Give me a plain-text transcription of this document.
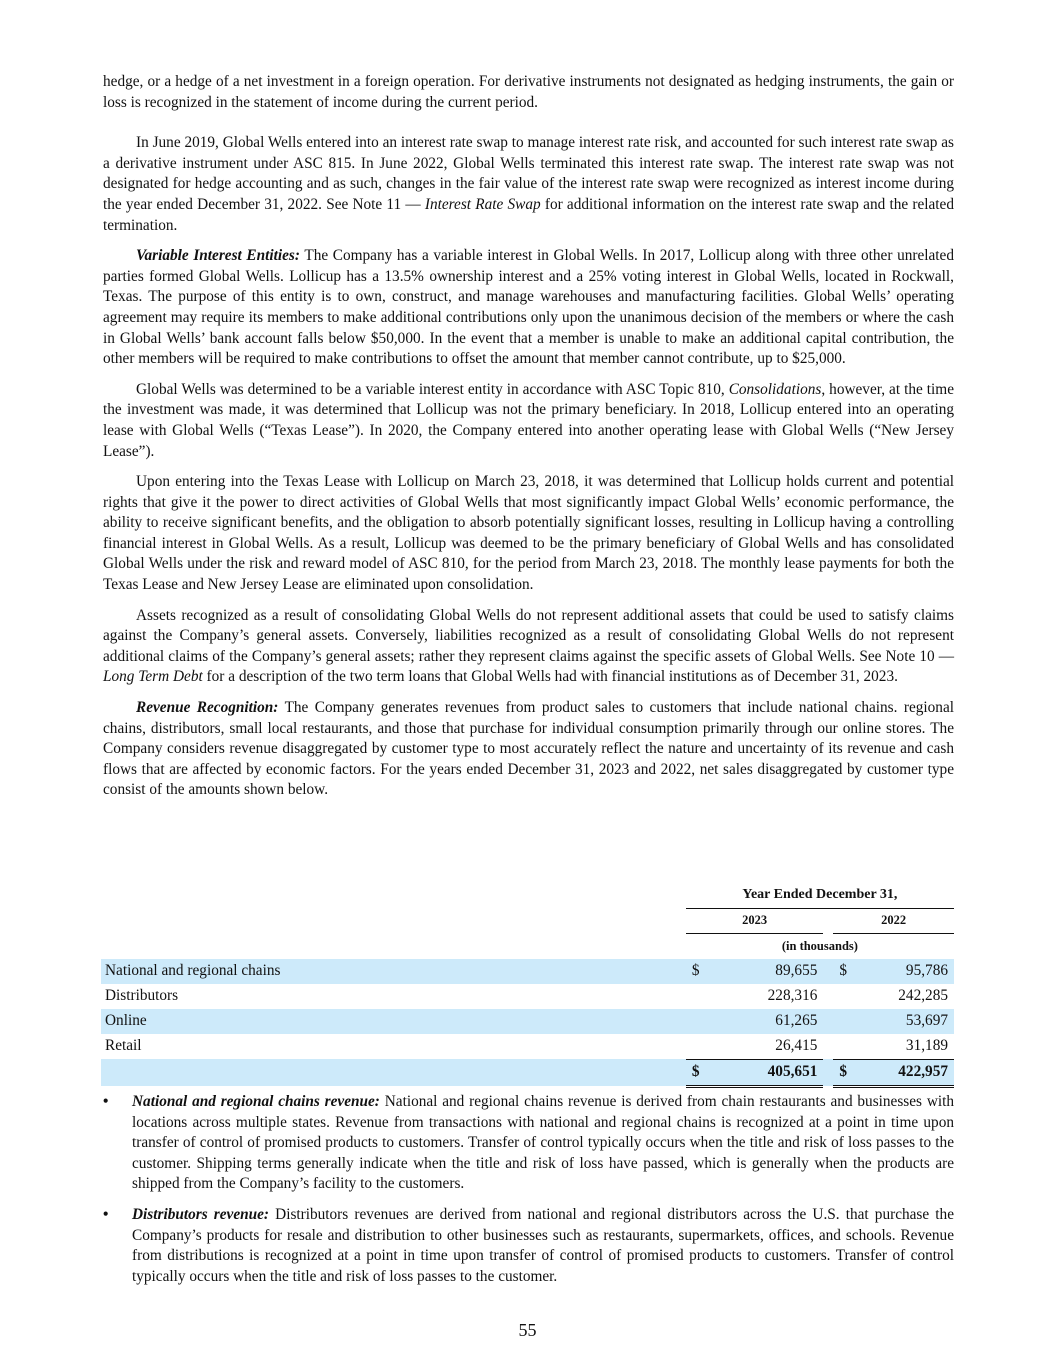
hedge, or a hedge of a net investment in a foreign operation. For derivative instruments not designated as hedging instruments, the gain or loss is recognized in the statement of income during the current period.

In June 2019, Global Wells entered into an interest rate swap to manage interest rate risk, and accounted for such interest rate swap as a derivative instrument under ASC 815. In June 2022, Global Wells terminated this interest rate swap. The interest rate swap was not designated for hedge accounting and as such, changes in the fair value of the interest rate swap were recognized as interest income during the year ended December 31, 2022. See Note 11 — Interest Rate Swap for additional information on the interest rate swap and the related termination.

Variable Interest Entities: The Company has a variable interest in Global Wells. In 2017, Lollicup along with three other unrelated parties formed Global Wells. Lollicup has a 13.5% ownership interest and a 25% voting interest in Global Wells, located in Rockwall, Texas. The purpose of this entity is to own, construct, and manage warehouses and manufacturing facilities. Global Wells’ operating agreement may require its members to make additional contributions only upon the unanimous decision of the members or where the cash in Global Wells’ bank account falls below $50,000. In the event that a member is unable to make an additional capital contribution, the other members will be required to make contributions to offset the amount that member cannot contribute, up to $25,000.

Global Wells was determined to be a variable interest entity in accordance with ASC Topic 810, Consolidations, however, at the time the investment was made, it was determined that Lollicup was not the primary beneficiary. In 2018, Lollicup entered into an operating lease with Global Wells (“Texas Lease”). In 2020, the Company entered into another operating lease with Global Wells (“New Jersey Lease”).

Upon entering into the Texas Lease with Lollicup on March 23, 2018, it was determined that Lollicup holds current and potential rights that give it the power to direct activities of Global Wells that most significantly impact Global Wells’ economic performance, the ability to receive significant benefits, and the obligation to absorb potentially significant losses, resulting in Lollicup having a controlling financial interest in Global Wells. As a result, Lollicup was deemed to be the primary beneficiary of Global Wells and has consolidated Global Wells under the risk and reward model of ASC 810, for the period from March 23, 2018. The monthly lease payments for both the Texas Lease and New Jersey Lease are eliminated upon consolidation.

Assets recognized as a result of consolidating Global Wells do not represent additional assets that could be used to satisfy claims against the Company’s general assets. Conversely, liabilities recognized as a result of consolidating Global Wells do not represent additional claims of the Company’s general assets; rather they represent claims against the specific assets of Global Wells. See Note 10 — Long Term Debt for a description of the two term loans that Global Wells had with financial institutions as of December 31, 2023.

Revenue Recognition: The Company generates revenues from product sales to customers that include national chains. regional chains, distributors, small local restaurants, and those that purchase for individual consumption primarily through our online stores. The Company considers revenue disaggregated by customer type to most accurately reflect the nature and uncertainty of its revenue and cash flows that are affected by economic factors. For the years ended December 31, 2023 and 2022, net sales disaggregated by customer type consist of the amounts shown below.

	Year Ended December 31,				
	2023			2022	
	(in thousands)				
National and regional chains	$	89,655		$	95,786
Distributors		228,316			242,285
Online		61,265			53,697
Retail		26,415			31,189
	$	405,651		$	422,957
• National and regional chains revenue: National and regional chains revenue is derived from chain restaurants and businesses with locations across multiple states. Revenue from transactions with national and regional chains is recognized at a point in time upon transfer of control of promised products to customers. Transfer of control typically occurs when the title and risk of loss passes to the customer. Shipping terms generally indicate when the title and risk of loss have passed, which is generally when the products are shipped from the Company’s facility to the customers.
• Distributors revenue: Distributors revenues are derived from national and regional distributors across the U.S. that purchase the Company’s products for resale and distribution to other businesses such as restaurants, supermarkets, offices, and schools. Revenue from distributions is recognized at a point in time upon transfer of control of promised products to customers. Transfer of control typically occurs when the title and risk of loss passes to the customer.
55
